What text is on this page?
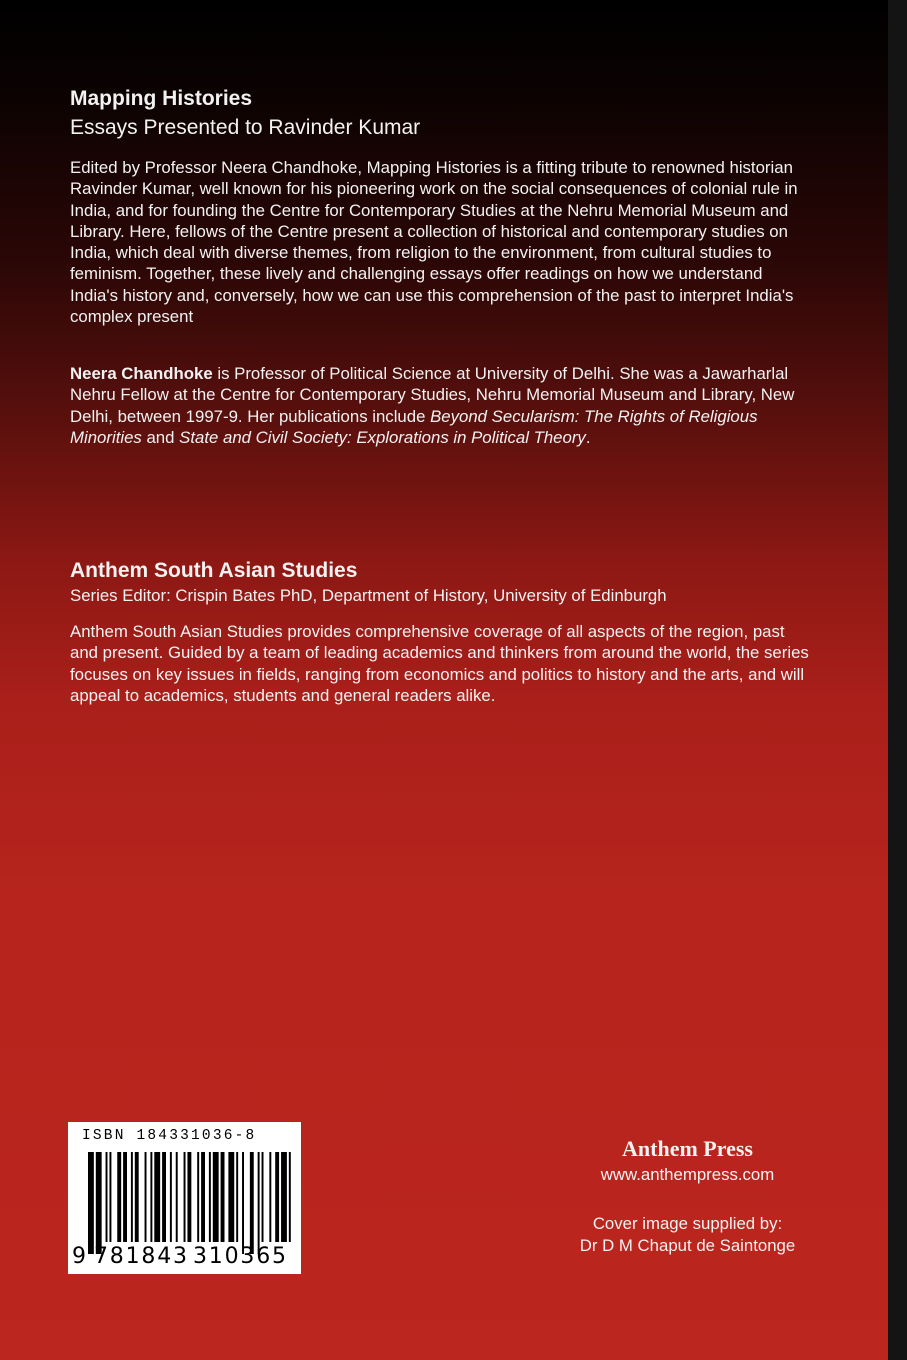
Mapping Histories
Essays Presented to Ravinder Kumar

Edited by Professor Neera Chandhoke, Mapping Histories is a fitting tribute to renowned historian Ravinder Kumar, well known for his pioneering work on the social consequences of colonial rule in India, and for founding the Centre for Contemporary Studies at the Nehru Memorial Museum and Library. Here, fellows of the Centre present a collection of historical and contemporary studies on India, which deal with diverse themes, from religion to the environment, from cultural studies to feminism. Together, these lively and challenging essays offer readings on how we understand India's history and, conversely, how we can use this comprehension of the past to interpret India's complex present

Neera Chandhoke is Professor of Political Science at University of Delhi. She was a Jawarharlal Nehru Fellow at the Centre for Contemporary Studies, Nehru Memorial Museum and Library, New Delhi, between 1997-9. Her publications include Beyond Secularism: The Rights of Religious Minorities and State and Civil Society: Explorations in Political Theory.

Anthem South Asian Studies

Series Editor: Crispin Bates PhD, Department of History, University of Edinburgh

Anthem South Asian Studies provides comprehensive coverage of all aspects of the region, past and present. Guided by a team of leading academics and thinkers from around the world, the series focuses on key issues in fields, ranging from economics and politics to history and the arts, and will appeal to academics, students and general readers alike.

ISBN 184331036-8
9 781843 310365

Anthem Press

www.anthempress.com

Cover image supplied by:

Dr D M Chaput de Saintonge
